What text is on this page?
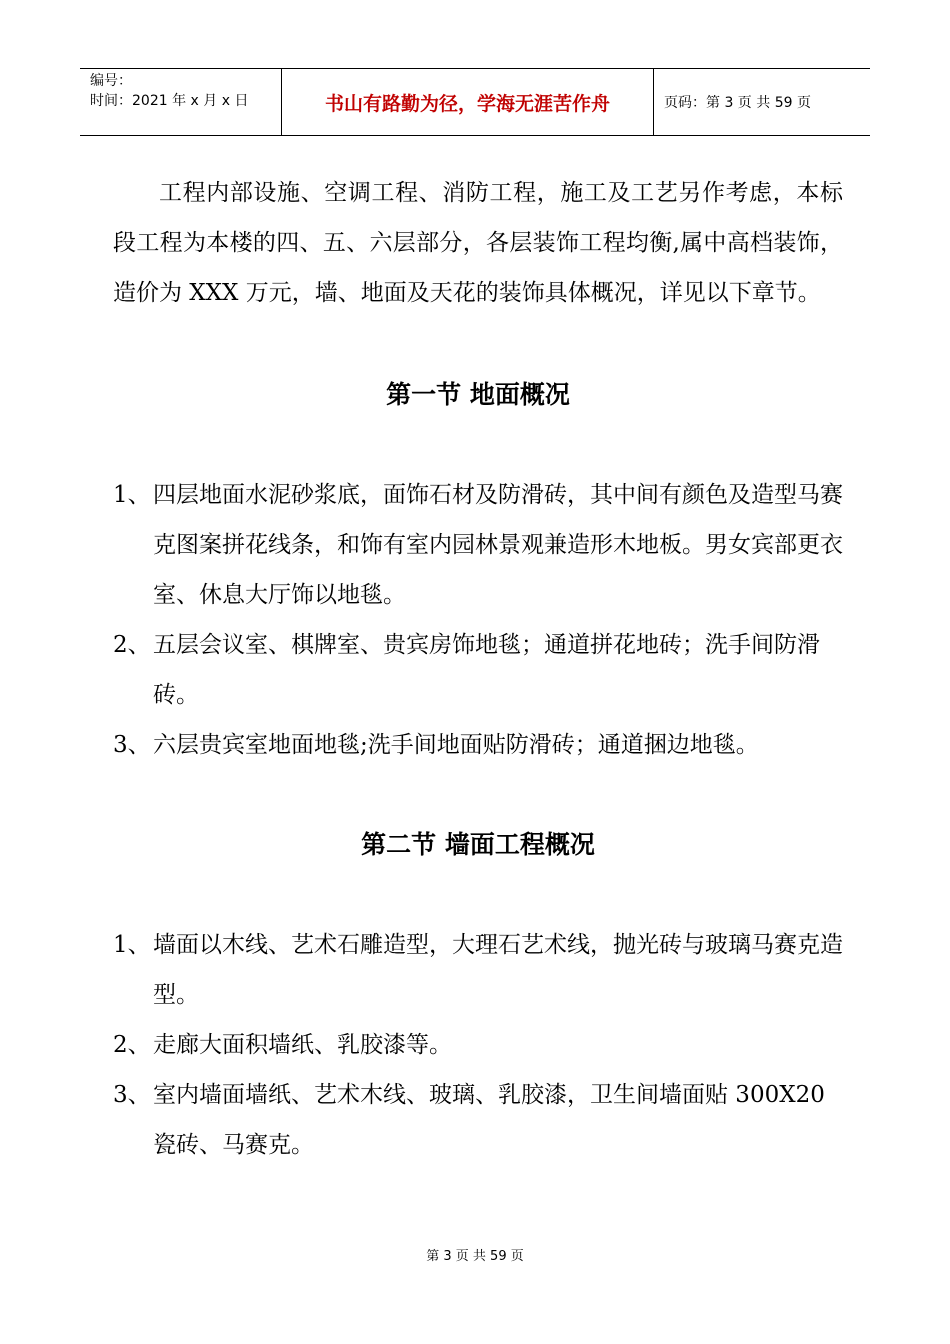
编号：
时间：2021 年 x 月 x 日	书山有路勤为径，学海无涯苦作舟	页码：第 3 页 共 59 页

工程内部设施、空调工程、消防工程，施工及工艺另作考虑，本标段工程为本楼的四、五、六层部分，各层装饰工程均衡,属中高档装饰，造价为 XXX 万元，墙、地面及天花的装饰具体概况，详见以下章节。

第一节 地面概况
1、 四层地面水泥砂浆底，面饰石材及防滑砖，其中间有颜色及造型马赛克图案拼花线条，和饰有室内园林景观兼造形木地板。男女宾部更衣室、休息大厅饰以地毯。
2、 五层会议室、棋牌室、贵宾房饰地毯；通道拼花地砖；洗手间防滑砖。
3、 六层贵宾室地面地毯;洗手间地面贴防滑砖；通道捆边地毯。
第二节 墙面工程概况
1、 墙面以木线、艺术石雕造型，大理石艺术线，抛光砖与玻璃马赛克造型。
2、 走廊大面积墙纸、乳胶漆等。
3、 室内墙面墙纸、艺术木线、玻璃、乳胶漆，卫生间墙面贴 300X20 瓷砖、马赛克。
第 3 页 共 59 页
